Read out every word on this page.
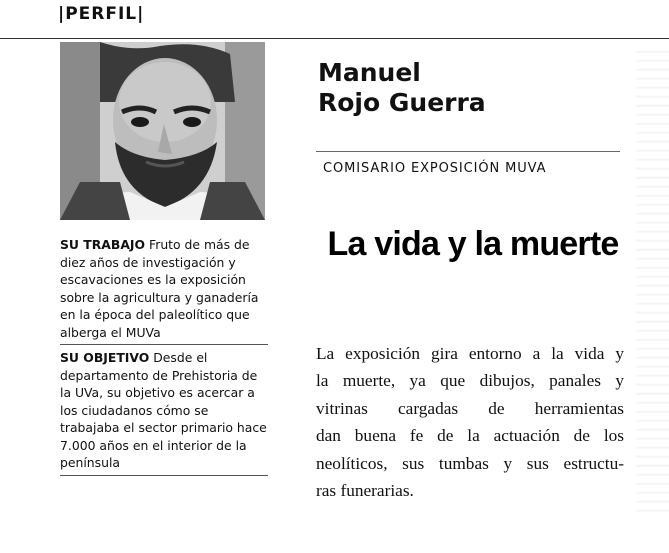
|PERFIL|
SU TRABAJO Fruto de más de diez años de investigación y escavaciones es la exposición sobre la agricultura y ganadería en la época del paleolítico que alberga el MUVa
SU OBJETIVO Desde el departamento de Prehistoria de la UVa, su objetivo es acercar a los ciudadanos cómo se trabajaba el sector primario hace 7.000 años en el interior de la península
Manuel
Rojo Guerra
COMISARIO EXPOSICIÓN MUVA
La vida y la muerte
La exposición gira entorno a la vida y
la muerte, ya que dibujos, panales y
vitrinas cargadas de herramientas
dan buena fe de la actuación de los
neolíticos, sus tumbas y sus estructu-
ras funerarias.
